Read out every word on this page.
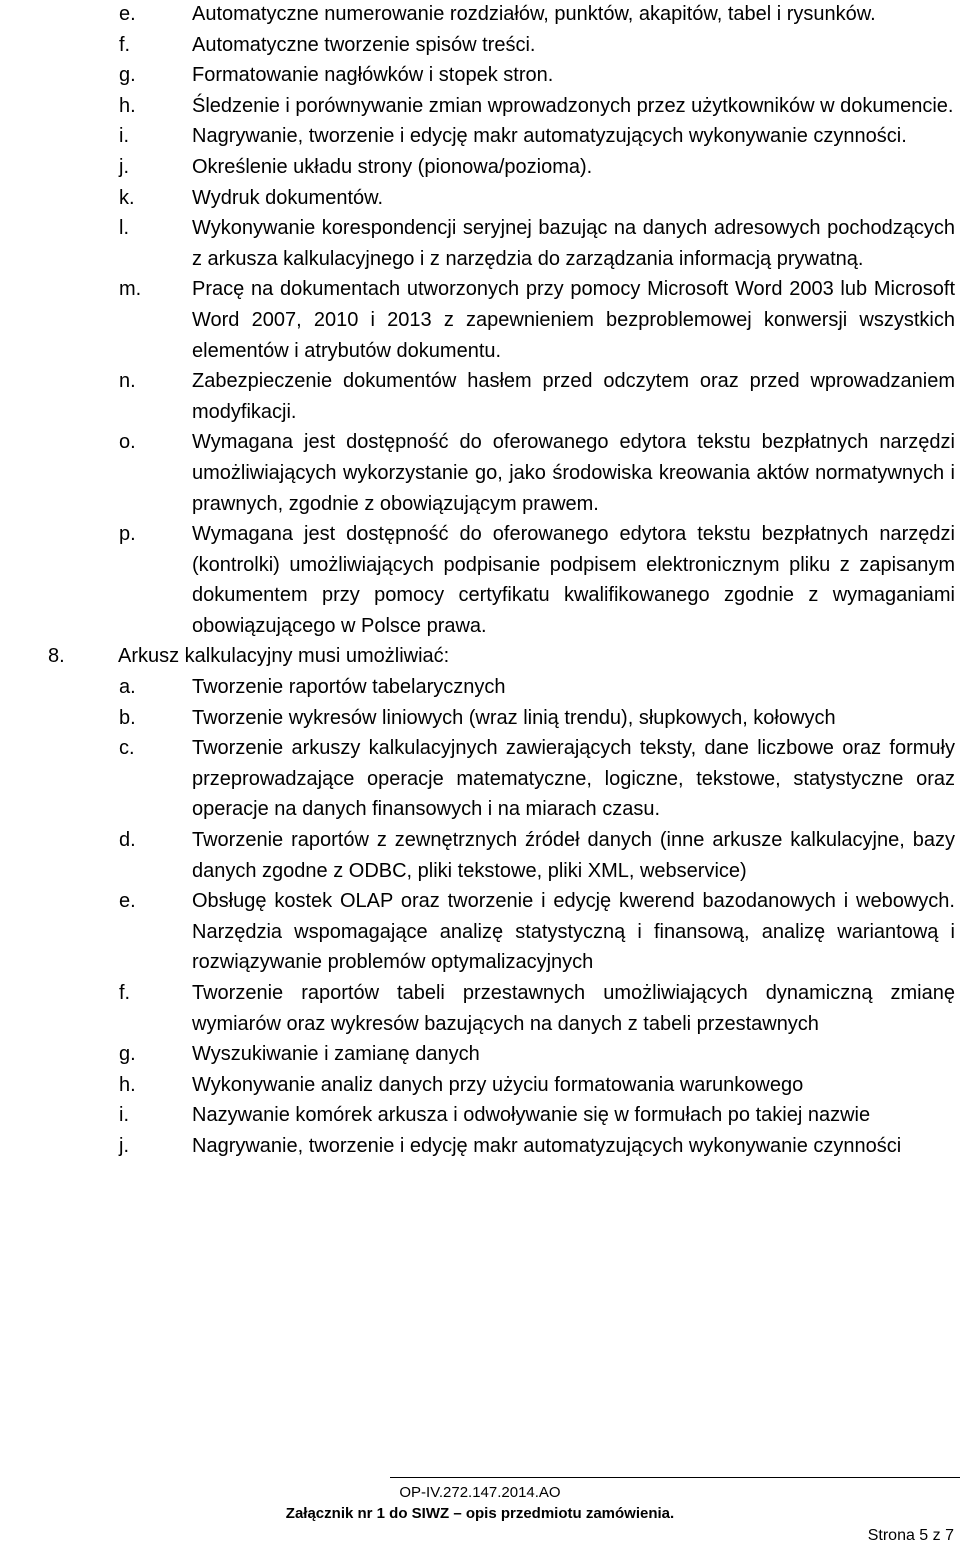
e.	Automatyczne numerowanie rozdziałów, punktów, akapitów, tabel i rysunków.
f.	Automatyczne tworzenie spisów treści.
g.	Formatowanie nagłówków i stopek stron.
h.	Śledzenie i porównywanie zmian wprowadzonych przez użytkowników w dokumencie.
i.	Nagrywanie, tworzenie i edycję makr automatyzujących wykonywanie czynności.
j.	Określenie układu strony (pionowa/pozioma).
k.	Wydruk dokumentów.
l.	Wykonywanie korespondencji seryjnej bazując na danych adresowych pochodzących z arkusza kalkulacyjnego i z narzędzia do zarządzania informacją prywatną.
m.	Pracę na dokumentach utworzonych przy pomocy Microsoft Word 2003 lub Microsoft Word 2007, 2010 i 2013 z zapewnieniem bezproblemowej konwersji wszystkich elementów i atrybutów dokumentu.
n.	Zabezpieczenie dokumentów hasłem przed odczytem oraz przed wprowadzaniem modyfikacji.
o.	Wymagana jest dostępność do oferowanego edytora tekstu bezpłatnych narzędzi umożliwiających wykorzystanie go, jako środowiska kreowania aktów normatywnych i prawnych, zgodnie z obowiązującym prawem.
p.	Wymagana jest dostępność do oferowanego edytora tekstu bezpłatnych narzędzi (kontrolki) umożliwiających podpisanie podpisem elektronicznym pliku z zapisanym dokumentem przy pomocy certyfikatu kwalifikowanego zgodnie z wymaganiami obowiązującego w Polsce prawa.
8.	Arkusz kalkulacyjny musi umożliwiać:
a.	Tworzenie raportów tabelarycznych
b.	Tworzenie wykresów liniowych (wraz linią trendu), słupkowych, kołowych
c.	Tworzenie arkuszy kalkulacyjnych zawierających teksty, dane liczbowe oraz formuły przeprowadzające operacje matematyczne, logiczne, tekstowe, statystyczne oraz operacje na danych finansowych i na miarach czasu.
d.	Tworzenie raportów z zewnętrznych źródeł danych (inne arkusze kalkulacyjne, bazy danych zgodne z ODBC, pliki tekstowe, pliki XML, webservice)
e.	Obsługę kostek OLAP oraz tworzenie i edycję kwerend bazodanowych i webowych. Narzędzia wspomagające analizę statystyczną i finansową, analizę wariantową i rozwiązywanie problemów optymalizacyjnych
f.	Tworzenie raportów tabeli przestawnych umożliwiających dynamiczną zmianę wymiarów oraz wykresów bazujących na danych z tabeli przestawnych
g.	Wyszukiwanie i zamianę danych
h.	Wykonywanie analiz danych przy użyciu formatowania warunkowego
i.	Nazywanie komórek arkusza i odwoływanie się w formułach po takiej nazwie
j.	Nagrywanie, tworzenie i edycję makr automatyzujących wykonywanie czynności
OP-IV.272.147.2014.AO
Załącznik nr 1 do SIWZ – opis przedmiotu zamówienia.
Strona 5 z 7
